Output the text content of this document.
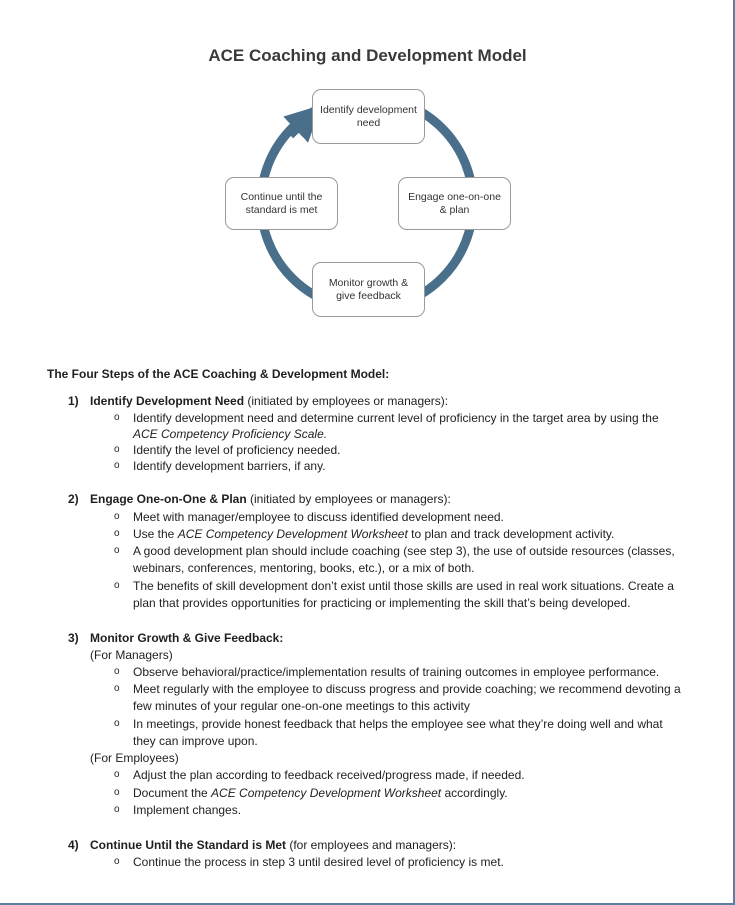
ACE Coaching and Development Model
Identify development need
Engage one-on-one & plan
Monitor growth & give feedback
Continue until the standard is met
The Four Steps of the ACE Coaching & Development Model:
1) Identify Development Need (initiated by employees or managers):
o Identify development need and determine current level of proficiency in the target area by using the
ACE Competency Proficiency Scale.
o Identify the level of proficiency needed.
o Identify development barriers, if any.
2) Engage One-on-One & Plan (initiated by employees or managers):
o Meet with manager/employee to discuss identified development need.
o Use the ACE Competency Development Worksheet to plan and track development activity.
o A good development plan should include coaching (see step 3), the use of outside resources (classes,
webinars, conferences, mentoring, books, etc.), or a mix of both.
o The benefits of skill development don’t exist until those skills are used in real work situations. Create a
plan that provides opportunities for practicing or implementing the skill that’s being developed.
3) Monitor Growth & Give Feedback:
(For Managers)
o Observe behavioral/practice/implementation results of training outcomes in employee performance.
o Meet regularly with the employee to discuss progress and provide coaching; we recommend devoting a
few minutes of your regular one-on-one meetings to this activity
o In meetings, provide honest feedback that helps the employee see what they’re doing well and what
they can improve upon.
(For Employees)
o Adjust the plan according to feedback received/progress made, if needed.
o Document the ACE Competency Development Worksheet accordingly.
o Implement changes.
4) Continue Until the Standard is Met (for employees and managers):
o Continue the process in step 3 until desired level of proficiency is met.
